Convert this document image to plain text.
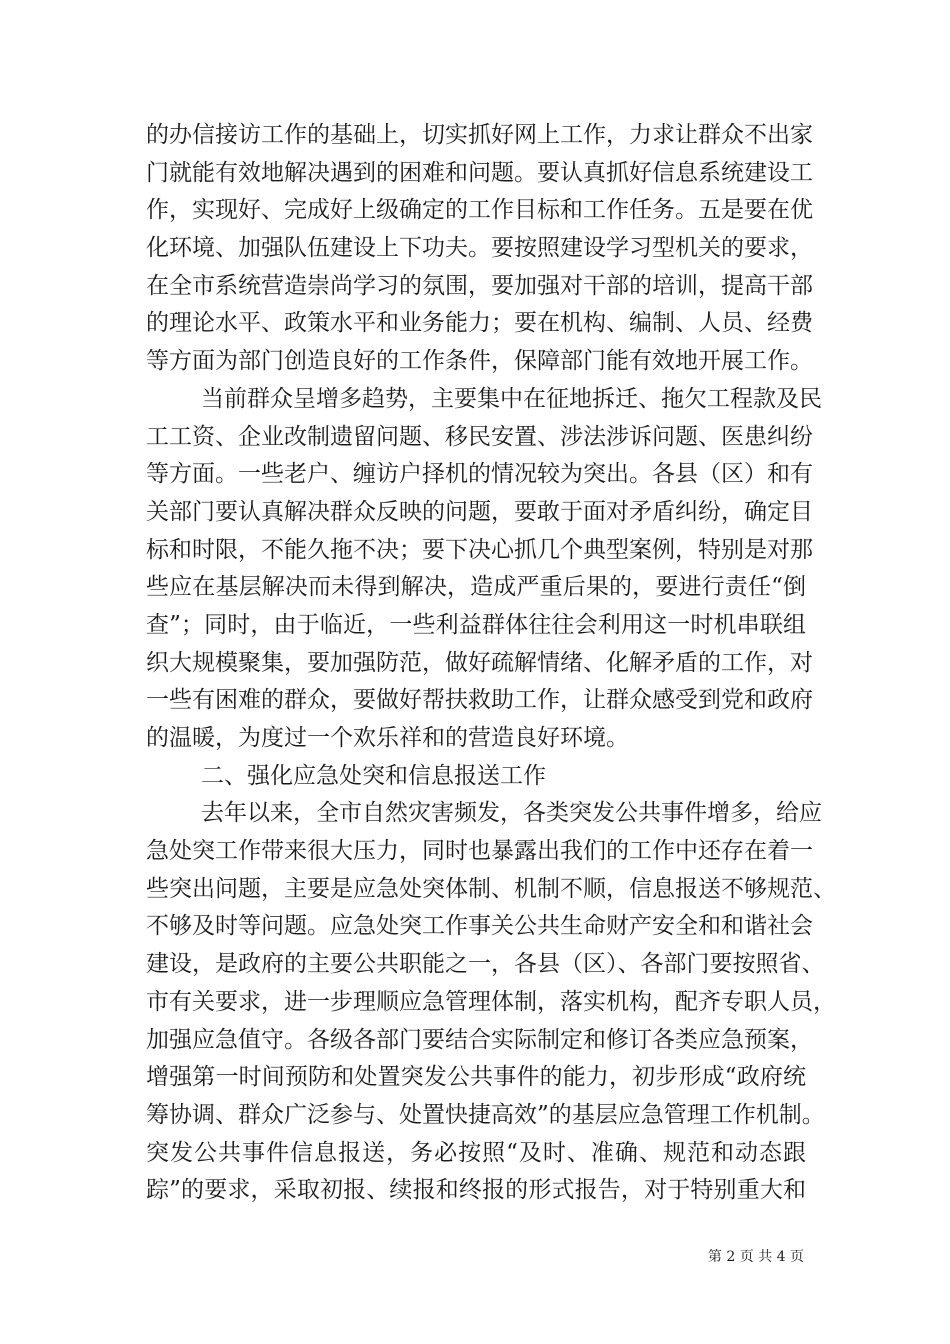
的办信接访工作的基础上，切实抓好网上工作，力求让群众不出家
门就能有效地解决遇到的困难和问题。要认真抓好信息系统建设工
作，实现好、完成好上级确定的工作目标和工作任务。五是要在优
化环境、加强队伍建设上下功夫。要按照建设学习型机关的要求，
在全市系统营造崇尚学习的氛围，要加强对干部的培训，提高干部
的理论水平、政策水平和业务能力；要在机构、编制、人员、经费
等方面为部门创造良好的工作条件，保障部门能有效地开展工作。
当前群众呈增多趋势，主要集中在征地拆迁、拖欠工程款及民
工工资、企业改制遗留问题、移民安置、涉法涉诉问题、医患纠纷
等方面。一些老户、缠访户择机的情况较为突出。各县（区）和有
关部门要认真解决群众反映的问题，要敢于面对矛盾纠纷，确定目
标和时限，不能久拖不决；要下决心抓几个典型案例，特别是对那
些应在基层解决而未得到解决，造成严重后果的，要进行责任“倒
查”；同时，由于临近，一些利益群体往往会利用这一时机串联组
织大规模聚集，要加强防范，做好疏解情绪、化解矛盾的工作，对
一些有困难的群众，要做好帮扶救助工作，让群众感受到党和政府
的温暖，为度过一个欢乐祥和的营造良好环境。
二、强化应急处突和信息报送工作
去年以来，全市自然灾害频发，各类突发公共事件增多，给应
急处突工作带来很大压力，同时也暴露出我们的工作中还存在着一
些突出问题，主要是应急处突体制、机制不顺，信息报送不够规范、
不够及时等问题。应急处突工作事关公共生命财产安全和和谐社会
建设，是政府的主要公共职能之一，各县（区）、各部门要按照省、
市有关要求，进一步理顺应急管理体制，落实机构，配齐专职人员，
加强应急值守。各级各部门要结合实际制定和修订各类应急预案，
增强第一时间预防和处置突发公共事件的能力，初步形成“政府统
筹协调、群众广泛参与、处置快捷高效”的基层应急管理工作机制。
突发公共事件信息报送，务必按照“及时、准确、规范和动态跟
踪”的要求，采取初报、续报和终报的形式报告，对于特别重大和
第 2 页 共 4 页
